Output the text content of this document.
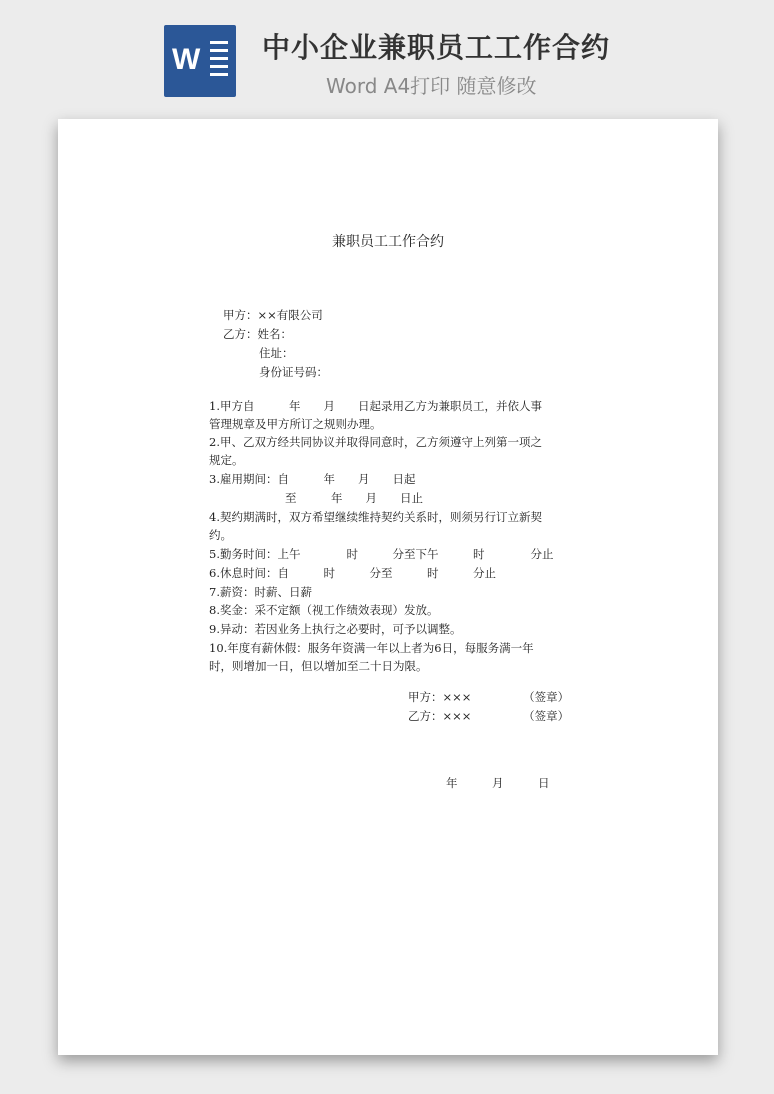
W 中小企业兼职员工工作合约
Word A4打印 随意修改
兼职员工工作合约
甲方：××有限公司
乙方：姓名：
住址：
身份证号码：
1.甲方自　　　年　　月　　日起录用乙方为兼职员工，并依人事
管理规章及甲方所订之规则办理。
2.甲、乙双方经共同协议并取得同意时，乙方须遵守上列第一项之
规定。
3.雇用期间：自　　　年　　月　　日起
至　　　年　　月　　日止
4.契约期满时，双方希望继续维持契约关系时，则须另行订立新契
约。
5.勤务时间：上午　　　　时　　　分至下午　　　时　　　　分止
6.休息时间：自　　　时　　　分至　　　时　　　分止
7.薪资：时薪、日薪
8.奖金：采不定额（视工作绩效表现）发放。
9.异动：若因业务上执行之必要时，可予以调整。
10.年度有薪休假：服务年资满一年以上者为6日，每服务满一年
时，则增加一日，但以增加至二十日为限。
甲方：×××　　　　　（签章）
乙方：×××　　　　　（签章）
年　　　月　　　日
